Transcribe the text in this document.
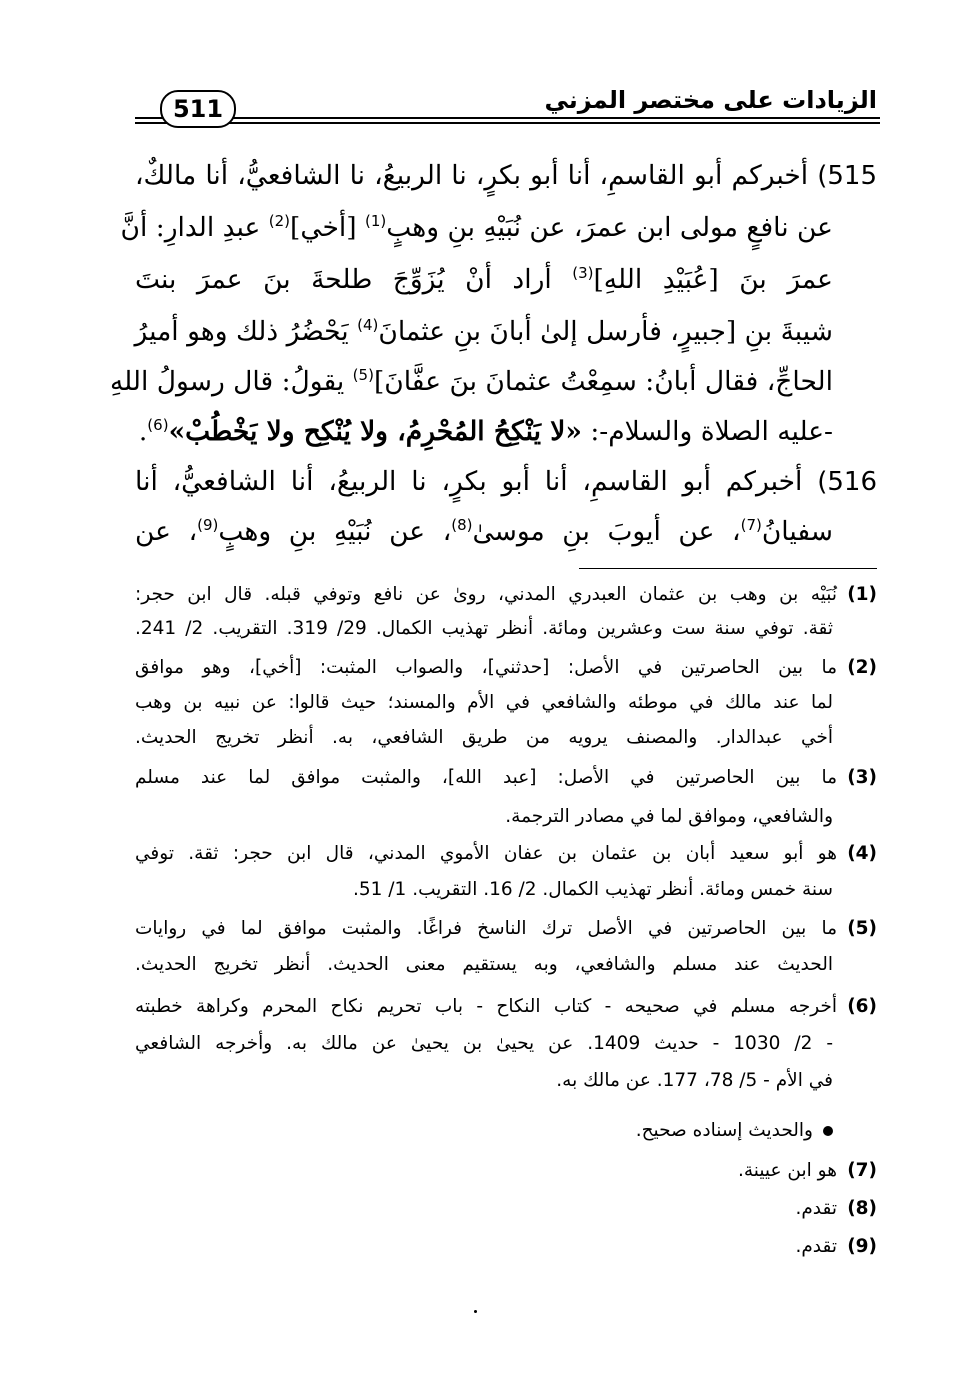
الزيادات على مختصر المزني
511
515) أخبركم أبو القاسمِ، أنا أبو بكرٍ، نا الربيعُ، نا الشافعيُّ، أنا مالكٌ،
عن نافعٍ مولى ابن عمرَ، عن نُبَيْهِ بنِ وهبٍ$^{(1)}$ [أخي]$^{(2)}$ عبدِ الدارِ: أنَّ
عمرَ بنَ [عُبَيْدِ اللهِ]$^{(3)}$ أراد أنْ يُزَوِّجَ طلحةَ بنَ عمرَ بنتَ
شيبةَ بنِ [جبيرٍ، فأرسل إلىٰ أبانَ بنِ عثمانَ$^{(4)}$ يَحْضُرُ ذلك وهو أميرُ
الحاجِّ، فقال أبانُ: سمِعْتُ عثمانَ بنَ عفَّانَ]$^{(5)}$ يقولُ: قال رسولُ اللهِ
-عليه الصلاة والسلام-: «لا يَنْكِحُ المُحْرِمُ، ولا يُنْكِح ولا يَخْطُبْ»$^{(6)}$.
516) أخبركم أبو القاسمِ، أنا أبو بكرٍ، نا الربيعُ، أنا الشافعيُّ، أنا
سفيانُ$^{(7)}$، عن أيوبَ بنِ موسىٰ$^{(8)}$، عن نُبَيْهِ بنِ وهبٍ$^{(9)}$، عن
(1)نُبَيْه بن وهب بن عثمان العبدري المدني، روىٰ عن نافع وتوفي قبله. قال ابن حجر:
ثقة. توفي سنة ست وعشرين ومائة. أنظر تهذيب الكمال. 29/ 319. التقريب. 2/ 241.
(2)ما بين الحاصرتين في الأصل: [حدثني]، والصواب المثبت: [أخي]، وهو موافق
لما عند مالك في موطئه والشافعي في الأم والمسند؛ حيث قالوا: عن نبيه بن وهب
أخي عبدالدار. والمصنف يرويه من طريق الشافعي، به. أنظر تخريج الحديث.
(3)ما بين الحاصرتين في الأصل: [عبد الله]، والمثبت موافق لما عند مسلم
والشافعي، وموافق لما في مصادر الترجمة.
(4)هو أبو سعيد أبان بن عثمان بن عفان الأموي المدني، قال ابن حجر: ثقة. توفي
سنة خمس ومائة. أنظر تهذيب الكمال. 2/ 16. التقريب. 1/ 51.
(5)ما بين الحاصرتين في الأصل ترك الناسخ فراغًا. والمثبت موافق لما في روايات
الحديث عند مسلم والشافعي، وبه يستقيم معنى الحديث. أنظر تخريج الحديث.
(6)أخرجه مسلم في صحيحه - كتاب النكاح - باب تحريم نكاح المحرم وكراهة خطبته
- 2/ 1030 - حديث 1409. عن يحيىٰ بن يحيىٰ عن مالك به. وأخرجه الشافعي
في الأم - 5/ 78، 177. عن مالك به.
والحديث إسناده صحيح.
(7)هو ابن عيينة.
(8)تقدم.
(9)تقدم.
